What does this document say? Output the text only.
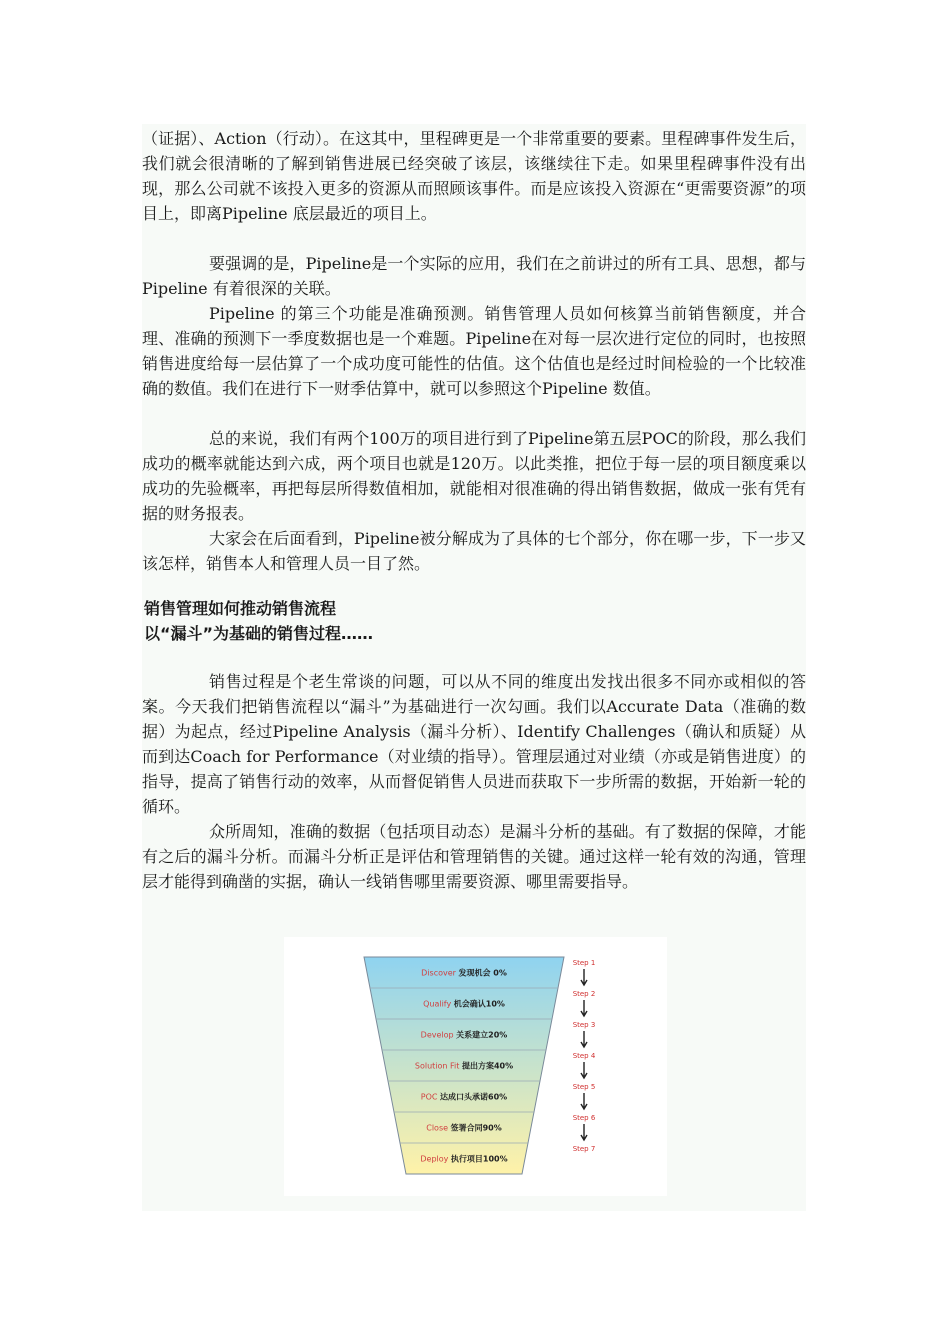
（证据）、Action（行动）。在这其中，里程碑更是一个非常重要的要素。里程碑事件发生后，我们就会很清晰的了解到销售进展已经突破了该层，该继续往下走。如果里程碑事件没有出现，那么公司就不该投入更多的资源从而照顾该事件。而是应该投入资源在“更需要资源”的项目上，即离Pipeline 底层最近的项目上。

要强调的是，Pipeline是一个实际的应用，我们在之前讲过的所有工具、思想，都与Pipeline 有着很深的关联。

Pipeline 的第三个功能是准确预测。销售管理人员如何核算当前销售额度，并合理、准确的预测下一季度数据也是一个难题。Pipeline在对每一层次进行定位的同时，也按照销售进度给每一层估算了一个成功度可能性的估值。这个估值也是经过时间检验的一个比较准确的数值。我们在进行下一财季估算中，就可以参照这个Pipeline 数值。

总的来说，我们有两个100万的项目进行到了Pipeline第五层POC的阶段，那么我们成功的概率就能达到六成，两个项目也就是120万。以此类推，把位于每一层的项目额度乘以成功的先验概率，再把每层所得数值相加，就能相对很准确的得出销售数据，做成一张有凭有据的财务报表。

大家会在后面看到，Pipeline被分解成为了具体的七个部分，你在哪一步，下一步又该怎样，销售本人和管理人员一目了然。

销售管理如何推动销售流程
以“漏斗”为基础的销售过程……

销售过程是个老生常谈的问题，可以从不同的维度出发找出很多不同亦或相似的答案。今天我们把销售流程以“漏斗”为基础进行一次勾画。我们以Accurate Data（准确的数据）为起点，经过Pipeline Analysis（漏斗分析）、Identify Challenges（确认和质疑）从而到达Coach for Performance（对业绩的指导）。管理层通过对业绩（亦或是销售进度）的指导，提高了销售行动的效率，从而督促销售人员进而获取下一步所需的数据，开始新一轮的循环。

众所周知，准确的数据（包括项目动态）是漏斗分析的基础。有了数据的保障，才能有之后的漏斗分析。而漏斗分析正是评估和管理销售的关键。通过这样一轮有效的沟通，管理层才能得到确凿的实据，确认一线销售哪里需要资源、哪里需要指导。

Discover 发现机会 0%
Qualify 机会确认10%
Develop 关系建立20%
Solution Fit 提出方案40%
POC 达成口头承诺60%
Close 签署合同90%
Deploy 执行项目100%
Step 1
Step 2
Step 3
Step 4
Step 5
Step 6
Step 7
